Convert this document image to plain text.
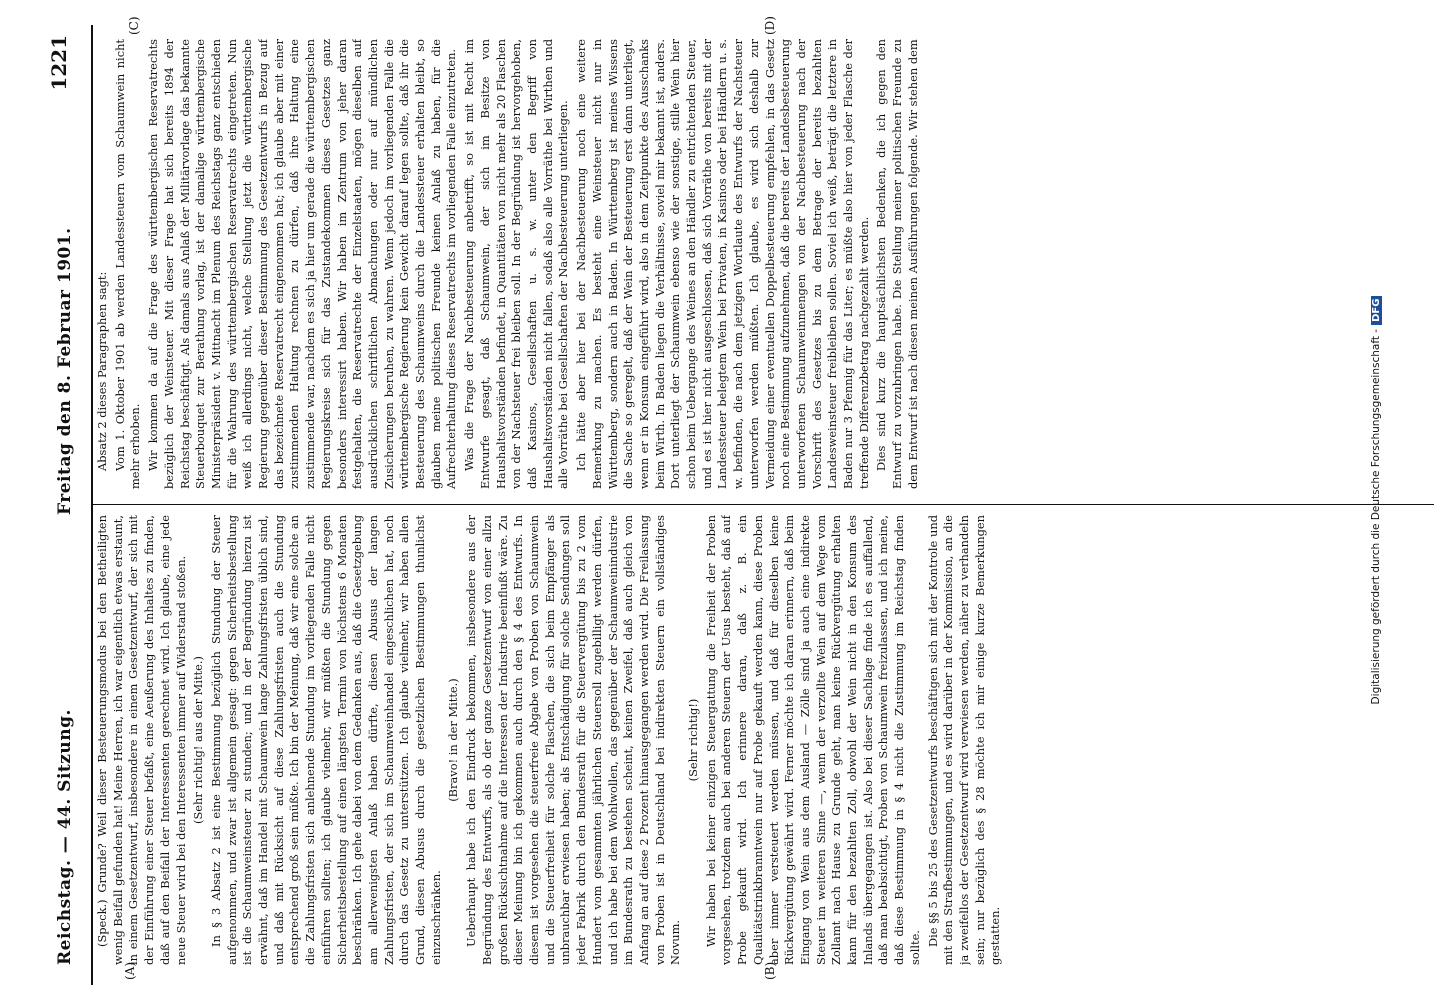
Reichstag. — 44. Sitzung.
Freitag den 8. Februar 1901.
1221
(A)	(B)
(C)	(D)

(Speck.) Grunde? Weil dieser Besteuerungsmodus bei den Betheiligten wenig Beifall gefunden hat! Meine Herren, ich war eigentlich etwas erstaunt, in einem Gesetzentwurf, insbesondere in einem Gesetzentwurf, der sich mit der Einführung einer Steuer befaßt, eine Aeußerung des Inhaltes zu finden, daß auf den Beifall der Interessenten gerechnet wird. Ich glaube, eine jede neue Steuer wird bei den Interessenten immer auf Widerstand stoßen. (Sehr richtig! aus der Mitte.) In § 3 Absatz 2 ist eine Bestimmung bezüglich Stundung der Steuer aufgenommen, und zwar ist allgemein gesagt: gegen Sicherheitsbestellung ist die Schaumweinsteuer zu stunden; und in der Begründung hierzu ist erwähnt, daß im Handel mit Schaumwein lange Zahlungsfristen üblich sind, und daß mit Rücksicht auf diese Zahlungsfristen auch die Stundung entsprechend groß sein müßte. Ich bin der Meinung, daß wir eine solche an die Zahlungsfristen sich anlehnende Stundung im vorliegenden Falle nicht einführen sollten; ich glaube vielmehr, wir müßten die Stundung gegen Sicherheitsbestellung auf einen längsten Termin von höchstens 6 Monaten beschränken. Ich gehe dabei von dem Gedanken aus, daß die Gesetzgebung am allerwenigsten Anlaß haben dürfte, diesen Abusus der langen Zahlungsfristen, der sich im Schaumweinhandel eingeschlichen hat, noch durch das Gesetz zu unterstützen. Ich glaube vielmehr, wir haben allen Grund, diesen Abusus durch die gesetzlichen Bestimmungen thunlichst einzuschränken.

(Bravo! in der Mitte.) Ueberhaupt habe ich den Eindruck bekommen, insbesondere aus der Begründung des Entwurfs, als ob der ganze Gesetzentwurf von einer allzu großen Rücksichtnahme auf die Interessen der Industrie beeinflußt wäre. Zu dieser Meinung bin ich gekommen auch durch den § 4 des Entwurfs. In diesem ist vorgesehen die steuerfreie Abgabe von Proben von Schaumwein und die Steuerfreiheit für solche Flaschen, die sich beim Empfänger als unbrauchbar erwiesen haben; als Entschädigung für solche Sendungen soll jeder Fabrik durch den Bundesrath für die Steuervergütung bis zu 2 vom Hundert vom gesammten jährlichen Steuersoll zugebilligt werden dürfen, und ich habe bei dem Wohlwollen, das gegenüber der Schaumweinindustrie im Bundesrath zu bestehen scheint, keinen Zweifel, daß auch gleich von Anfang an auf diese 2 Prozent hinausgegangen werden wird. Die Freilassung von Proben ist in Deutschland bei indirekten Steuern ein vollständiges Novum.

(Sehr richtig!) Wir haben bei keiner einzigen Steuergattung die Freiheit der Proben vorgesehen, trotzdem auch bei anderen Steuern der Usus besteht, daß auf Probe gekauft wird. Ich erinnere daran, daß z. B. ein Qualitätstrinkbranntwein nur auf Probe gekauft werden kann, diese Proben aber immer versteuert werden müssen, und daß für dieselben keine Rückvergütung gewährt wird. Ferner möchte ich daran erinnern, daß beim Eingang von Wein aus dem Ausland — Zölle sind ja auch eine indirekte Steuer im weiteren Sinne —, wenn der verzollte Wein auf dem Wege vom Zollamt nach Hause zu Grunde geht, man keine Rückvergütung erhalten kann für den bezahlten Zoll, obwohl der Wein nicht in den Konsum des Inlands übergegangen ist. Also bei dieser Sachlage finde ich es auffallend, daß man beabsichtigt, Proben von Schaumwein freizulassen, und ich meine, daß diese Bestimmung in § 4 nicht die Zustimmung im Reichstag finden sollte.

Die §§ 5 bis 25 des Gesetzentwurfs beschäftigen sich mit der Kontrole und mit den Strafbestimmungen, und es wird darüber in der Kommission, an die ja zweifellos der Gesetzentwurf wird verwiesen werden, näher zu verhandeln sein; nur bezüglich des § 28 möchte ich mir einige kurze Bemerkungen gestatten.

Absatz 2 dieses Paragraphen sagt: Vom 1. Oktober 1901 ab werden Landessteuern vom Schaumwein nicht mehr erhoben. Wir kommen da auf die Frage des württembergischen Reservatrechts bezüglich der Weinsteuer. Mit dieser Frage hat sich bereits 1894 der Reichstag beschäftigt. Als damals aus Anlaß der Militärvorlage das bekannte Steuerbouquet zur Berathung vorlag, ist der damalige württembergische Ministerpräsident v. Mittnacht im Plenum des Reichstags ganz entschieden für die Wahrung des württembergischen Reservatrechts eingetreten. Nun weiß ich allerdings nicht, welche Stellung jetzt die württembergische Regierung gegenüber dieser Bestimmung des Gesetzentwurfs in Bezug auf das bezeichnete Reservatrecht eingenommen hat; ich glaube aber mit einer zustimmenden Haltung rechnen zu dürfen, daß ihre Haltung eine zustimmende war, nachdem es sich ja hier um gerade die württembergischen Regierungskreise sich für das Zustandekommen dieses Gesetzes ganz besonders interessirt haben. Wir haben im Zentrum von jeher daran festgehalten, die Reservatrechte der Einzelstaaten, mögen dieselben auf ausdrücklichen schriftlichen Abmachungen oder nur auf mündlichen Zusicherungen beruhen, zu wahren. Wenn jedoch im vorliegenden Falle die württembergische Regierung kein Gewicht darauf legen sollte, daß ihr die Besteuerung des Schaumweins durch die Landessteuer erhalten bleibt, so glauben meine politischen Freunde keinen Anlaß zu haben, für die Aufrechterhaltung dieses Reservatrechts im vorliegenden Falle einzutreten. Was die Frage der Nachbesteuerung anbetrifft, so ist mit Recht im Entwurfe gesagt, daß Schaumwein, der sich im Besitze von Haushaltsvorständen befindet, in Quantitäten von nicht mehr als 20 Flaschen von der Nachsteuer frei bleiben soll. In der Begründung ist hervorgehoben, daß Kasinos, Gesellschaften u. s. w. unter den Begriff von Haushaltsvorständen nicht fallen, sodaß also alle Vorräthe bei Wirthen und alle Vorräthe bei Gesellschaften der Nachbesteuerung unterliegen. Ich hätte aber hier bei der Nachbesteuerung noch eine weitere Bemerkung zu machen. Es besteht eine Weinsteuer nicht nur in Württemberg, sondern auch in Baden. In Württemberg ist meines Wissens die Sache so geregelt, daß der Wein der Besteuerung erst dann unterliegt, wenn er in Konsum eingeführt wird, also in dem Zeitpunkte des Ausschanks beim Wirth. In Baden liegen die Verhältnisse, soviel mir bekannt ist, anders. Dort unterliegt der Schaumwein ebenso wie der sonstige, stille Wein hier schon beim Uebergange des Weines an den Händler zu entrichtenden Steuer, und es ist hier nicht ausgeschlossen, daß sich Vorräthe von bereits mit der Landessteuer belegtem Wein bei Privaten, in Kasinos oder bei Händlern u. s. w. befinden, die nach dem jetzigen Wortlaute des Entwurfs der Nachsteuer unterworfen werden müßten. Ich glaube, es wird sich deshalb zur Vermeidung einer eventuellen Doppelbesteuerung empfehlen, in das Gesetz noch eine Bestimmung aufzunehmen, daß die bereits der Landesbesteuerung unterworfenen Schaumweinmengen von der Nachbesteuerung nach der Vorschrift des Gesetzes bis zu dem Betrage der bereits bezahlten Landesweinsteuer freibleiben sollen. Soviel ich weiß, beträgt die letztere in Baden nur 3 Pfennig für das Liter; es müßte also hier von jeder Flasche der treffende Differenzbetrag nachgezahlt werden. Dies sind kurz die hauptsächlichsten Bedenken, die ich gegen den Entwurf zu vorzubringen habe. Die Stellung meiner politischen Freunde zu dem Entwurf ist nach diesen meinen Ausführungen folgende. Wir stehen dem

Digitalisierung gefördert durch die Deutsche Forschungsgemeinschaft -DFG
